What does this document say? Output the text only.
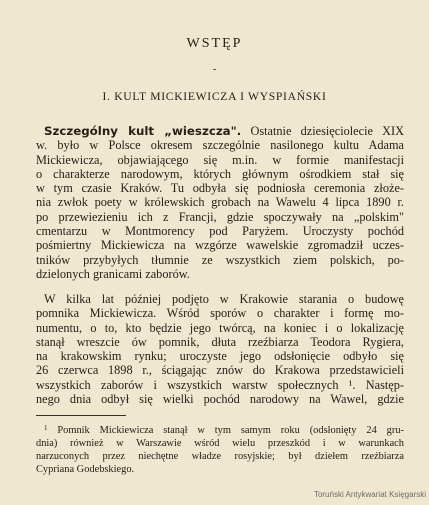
WSTĘP
-
I. KULT MICKIEWICZA I WYSPIAŃSKI
Szczególny kult „wieszcza". Ostatnie dziesięciolecie XIX
w. było w Polsce okresem szczególnie nasilonego kultu Adama
Mickiewicza, objawiającego się m.in. w formie manifestacji
o charakterze narodowym, których głównym ośrodkiem stał się
w tym czasie Kraków. Tu odbyła się podniosła ceremonia złoże-
nia zwłok poety w królewskich grobach na Wawelu 4 lipca 1890 r.
po przewiezieniu ich z Francji, gdzie spoczywały na „polskim"
cmentarzu w Montmorency pod Paryżem. Uroczysty pochód
pośmiertny Mickiewicza na wzgórze wawelskie zgromadził uczes-
tników przybyłych tłumnie ze wszystkich ziem polskich, po-
dzielonych granicami zaborów.
W kilka lat później podjęto w Krakowie starania o budowę
pomnika Mickiewicza. Wśród sporów o charakter i formę mo-
numentu, o to, kto będzie jego twórcą, na koniec i o lokalizację
stanął wreszcie ów pomnik, dłuta rzeźbiarza Teodora Rygiera,
na krakowskim rynku; uroczyste jego odsłonięcie odbyło się
26 czerwca 1898 r., ściągając znów do Krakowa przedstawicieli
wszystkich zaborów i wszystkich warstw społecznych ¹. Następ-
nego dnia odbył się wielki pochód narodowy na Wawel, gdzie
$^1$ Pomnik Mickiewicza stanął w tym samym roku (odsłonięty 24 gru-
dnia) również w Warszawie wśród wielu przeszkód i w warunkach
narzuconych przez niechętne władze rosyjskie; był dziełem rzeźbiarza
Cypriana Godebskiego.
Toruński Antykwariat Księgarski
